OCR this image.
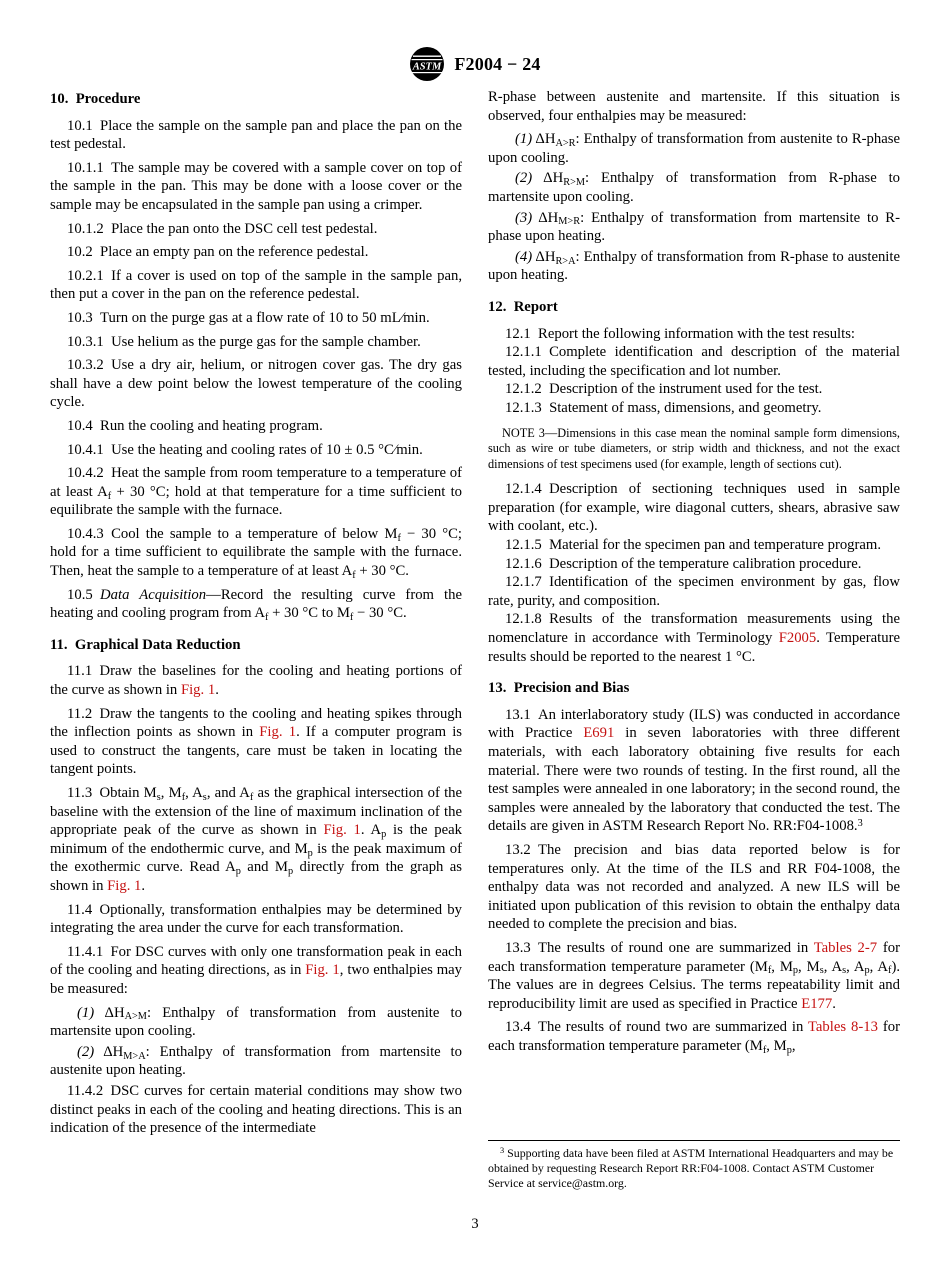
ASTM F2004 − 24
10. Procedure
10.1 Place the sample on the sample pan and place the pan on the test pedestal.
10.1.1 The sample may be covered with a sample cover on top of the sample in the pan. This may be done with a loose cover or the sample may be encapsulated in the sample pan using a crimper.
10.1.2 Place the pan onto the DSC cell test pedestal.
10.2 Place an empty pan on the reference pedestal.
10.2.1 If a cover is used on top of the sample in the sample pan, then put a cover in the pan on the reference pedestal.
10.3 Turn on the purge gas at a flow rate of 10 to 50 mL⁄min.
10.3.1 Use helium as the purge gas for the sample chamber.
10.3.2 Use a dry air, helium, or nitrogen cover gas. The dry gas shall have a dew point below the lowest temperature of the cooling cycle.
10.4 Run the cooling and heating program.
10.4.1 Use the heating and cooling rates of 10 ± 0.5 °C⁄min.
10.4.2 Heat the sample from room temperature to a temperature of at least $A_f + 30$ °C; hold at that temperature for a time sufficient to equilibrate the sample with the furnace.
10.4.3 Cool the sample to a temperature of below $M_f - 30$ °C; hold for a time sufficient to equilibrate the sample with the furnace. Then, heat the sample to a temperature of at least $A_f + 30$ °C.
10.5 Data Acquisition—Record the resulting curve from the heating and cooling program from $A_f + 30$ °C to $M_f - 30$ °C.
11. Graphical Data Reduction
11.1 Draw the baselines for the cooling and heating portions of the curve as shown in Fig. 1.
11.2 Draw the tangents to the cooling and heating spikes through the inflection points as shown in Fig. 1. If a computer program is used to construct the tangents, care must be taken in locating the tangent points.
11.3 Obtain $M_s$, $M_f$, $A_s$, and $A_f$ as the graphical intersection of the baseline with the extension of the line of maximum inclination of the appropriate peak of the curve as shown in Fig. 1. $A_p$ is the peak minimum of the endothermic curve, and $M_p$ is the peak maximum of the exothermic curve. Read $A_p$ and $M_p$ directly from the graph as shown in Fig. 1.
11.4 Optionally, transformation enthalpies may be determined by integrating the area under the curve for each transformation.
11.4.1 For DSC curves with only one transformation peak in each of the cooling and heating directions, as in Fig. 1, two enthalpies may be measured:
(1) $\Delta H_{A>M}$: Enthalpy of transformation from austenite to martensite upon cooling.
(2) $\Delta H_{M>A}$: Enthalpy of transformation from martensite to austenite upon heating.
11.4.2 DSC curves for certain material conditions may show two distinct peaks in each of the cooling and heating directions. This is an indication of the presence of the intermediate
R-phase between austenite and martensite. If this situation is observed, four enthalpies may be measured:
(1) $\Delta H_{A>R}$: Enthalpy of transformation from austenite to R-phase upon cooling.
(2) $\Delta H_{R>M}$: Enthalpy of transformation from R-phase to martensite upon cooling.
(3) $\Delta H_{M>R}$: Enthalpy of transformation from martensite to R-phase upon heating.
(4) $\Delta H_{R>A}$: Enthalpy of transformation from R-phase to austenite upon heating.
12. Report
12.1 Report the following information with the test results:
12.1.1 Complete identification and description of the material tested, including the specification and lot number.
12.1.2 Description of the instrument used for the test.
12.1.3 Statement of mass, dimensions, and geometry.
NOTE 3—Dimensions in this case mean the nominal sample form dimensions, such as wire or tube diameters, or strip width and thickness, and not the exact dimensions of test specimens used (for example, length of sections cut).
12.1.4 Description of sectioning techniques used in sample preparation (for example, wire diagonal cutters, shears, abrasive saw with coolant, etc.).
12.1.5 Material for the specimen pan and temperature program.
12.1.6 Description of the temperature calibration procedure.
12.1.7 Identification of the specimen environment by gas, flow rate, purity, and composition.
12.1.8 Results of the transformation measurements using the nomenclature in accordance with Terminology F2005. Temperature results should be reported to the nearest 1 °C.
13. Precision and Bias
13.1 An interlaboratory study (ILS) was conducted in accordance with Practice E691 in seven laboratories with three different materials, with each laboratory obtaining five results for each material. There were two rounds of testing. In the first round, all the test samples were annealed in one laboratory; in the second round, the samples were annealed by the laboratory that conducted the test. The details are given in ASTM Research Report No. RR:F04-1008.$^3$
13.2 The precision and bias data reported below is for temperatures only. At the time of the ILS and RR F04-1008, the enthalpy data was not recorded and analyzed. A new ILS will be initiated upon publication of this revision to obtain the enthalpy data needed to complete the precision and bias.
13.3 The results of round one are summarized in Tables 2-7 for each transformation temperature parameter ($M_f$, $M_p$, $M_s$, $A_s$, $A_p$, $A_f$). The values are in degrees Celsius. The terms repeatability limit and reproducibility limit are used as specified in Practice E177.
13.4 The results of round two are summarized in Tables 8-13 for each transformation temperature parameter ($M_f$, $M_p$,
$^3$ Supporting data have been filed at ASTM International Headquarters and may be obtained by requesting Research Report RR:F04-1008. Contact ASTM Customer Service at service@astm.org.
3
